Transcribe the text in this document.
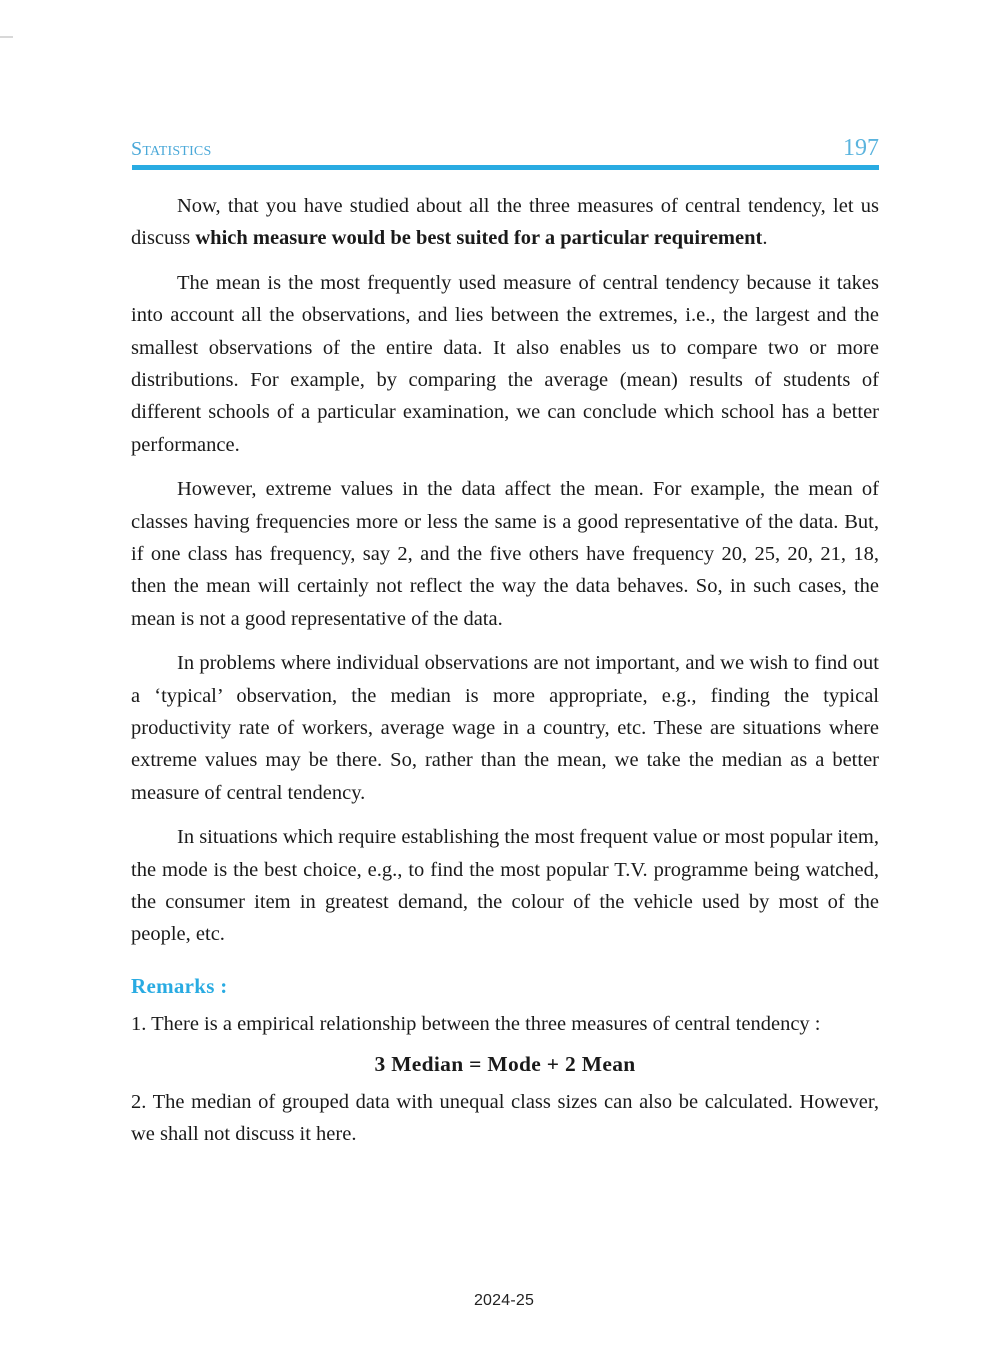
Statistics	197

Now, that you have studied about all the three measures of central tendency, let us discuss which measure would be best suited for a particular requirement.

The mean is the most frequently used measure of central tendency because it takes into account all the observations, and lies between the extremes, i.e., the largest and the smallest observations of the entire data. It also enables us to compare two or more distributions. For example, by comparing the average (mean) results of students of different schools of a particular examination, we can conclude which school has a better performance.

However, extreme values in the data affect the mean. For example, the mean of classes having frequencies more or less the same is a good representative of the data. But, if one class has frequency, say 2, and the five others have frequency 20, 25, 20, 21, 18, then the mean will certainly not reflect the way the data behaves. So, in such cases, the mean is not a good representative of the data.

In problems where individual observations are not important, and we wish to find out a ‘typical’ observation, the median is more appropriate, e.g., finding the typical productivity rate of workers, average wage in a country, etc. These are situations where extreme values may be there. So, rather than the mean, we take the median as a better measure of central tendency.

In situations which require establishing the most frequent value or most popular item, the mode is the best choice, e.g., to find the most popular T.V. programme being watched, the consumer item in greatest demand, the colour of the vehicle used by most of the people, etc.

Remarks :

1. There is a empirical relationship between the three measures of central tendency :

3 Median = Mode + 2 Mean

2. The median of grouped data with unequal class sizes can also be calculated. However, we shall not discuss it here.

2024-25
